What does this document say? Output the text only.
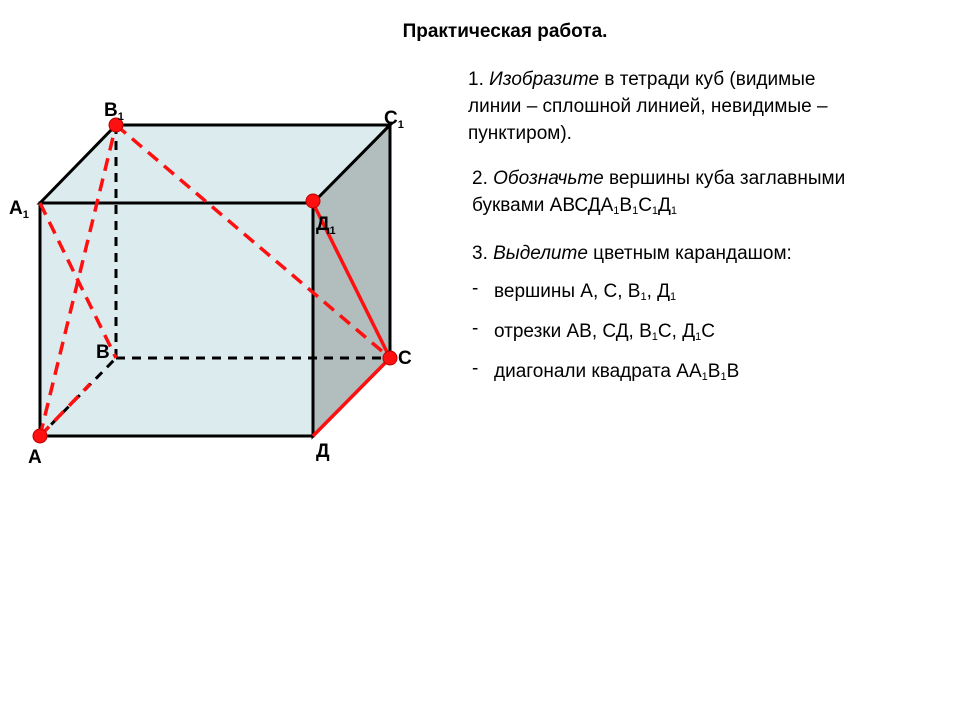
Практическая работа.
1. Изобразите в тетради куб (видимые
линии – сплошной линией, невидимые –
пунктиром).
2. Обозначьте вершины куба заглавными
буквами $АВСДА_1В_1С_1Д_1$
3. Выделите цветным карандашом:
- вершины А, С, $В_1$, $Д_1$
- отрезки АВ, СД, $В_1С$, $Д_1С$
- диагонали квадрата $АА_1В_1В$
$В_1$	$С_1$
$А_1$	$Д_1$
В	С
А	Д
